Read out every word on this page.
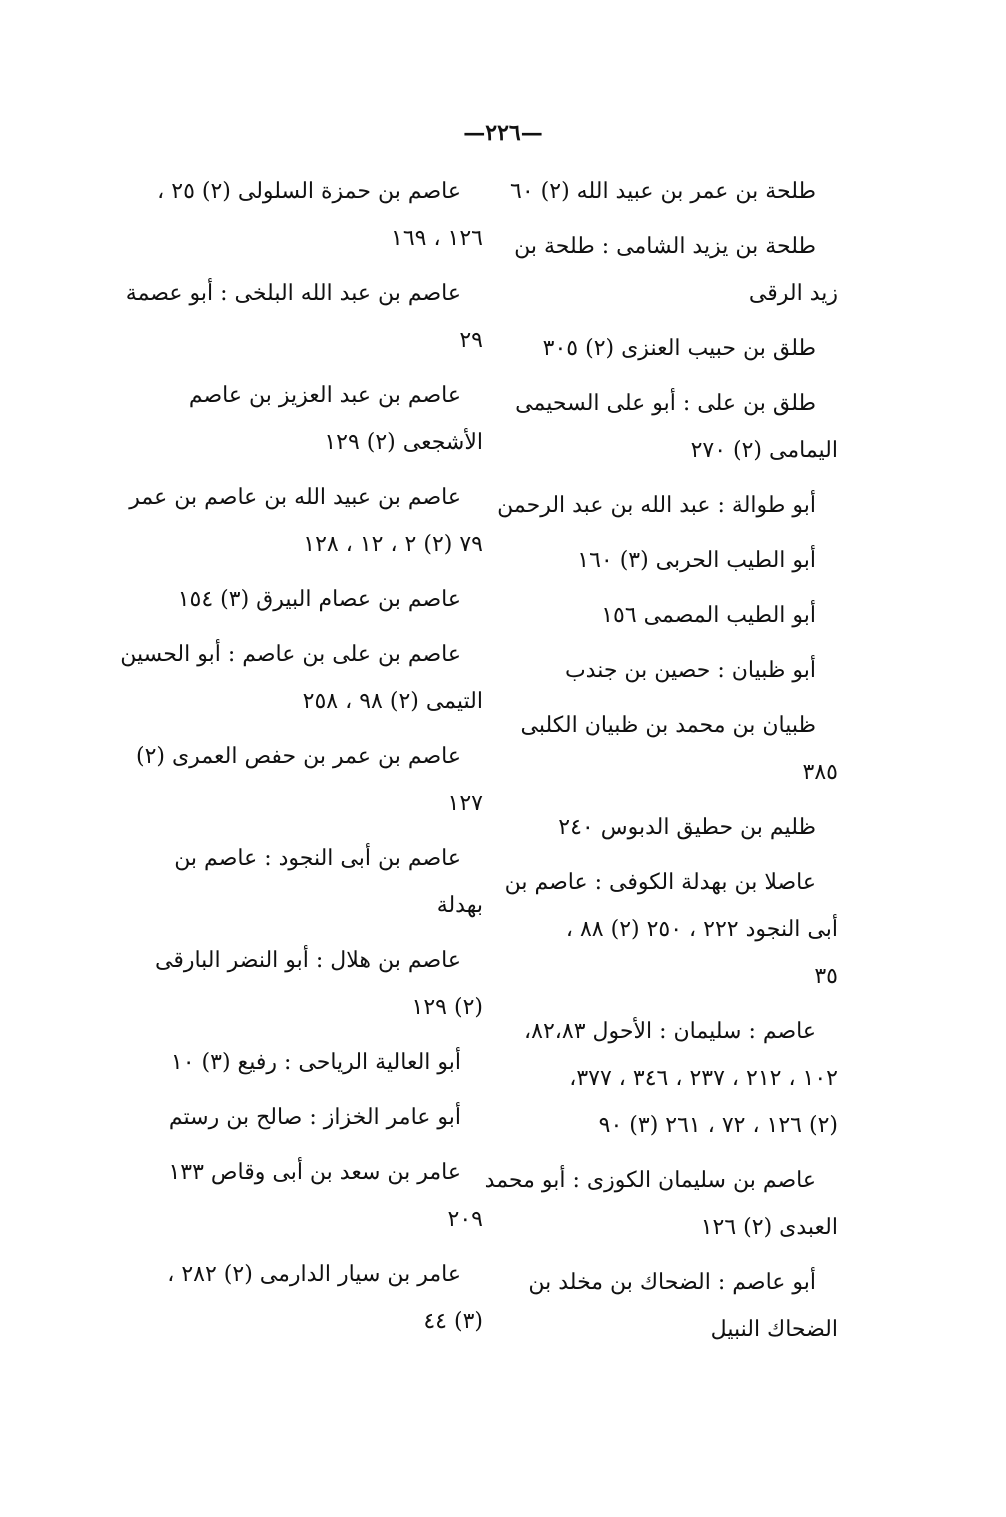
—٢٢٦—
طلحة بن عمر بن عبيد الله (٢) ٦٠
طلحة بن يزيد الشامى : طلحة بن
زيد الرقى
طلق بن حبيب العنزى (٢) ٣٠٥
طلق بن على : أبو على السحيمى
اليمامى (٢) ٢٧٠
أبو طوالة : عبد الله بن عبد الرحمن
أبو الطيب الحربى (٣) ١٦٠
أبو الطيب المصمى ١٥٦
أبو ظبيان : حصين بن جندب
ظبيان بن محمد بن ظبيان الكلبى
٣٨٥
ظليم بن حطيق الدبوس ٢٤٠
عاصلا بن بهدلة الكوفى : عاصم بن
أبى النجود ٢٢٢ ، ٢٥٠ (٢) ٨٨ ،
٣٥
عاصم : سليمان : الأحول ٨٢،٨٣،
١٠٢ ، ٢١٢ ، ٢٣٧ ، ٣٤٦ ، ٣٧٧،
(٢) ١٢٦ ، ٧٢ ، ٢٦١ (٣) ٩٠
عاصم بن سليمان الكوزى : أبو محمد
العبدى (٢) ١٢٦
أبو عاصم : الضحاك بن مخلد بن
الضحاك النبيل
عاصم بن حمزة السلولى (٢) ٢٥ ،
١٢٦ ، ١٦٩
عاصم بن عبد الله البلخى : أبو عصمة
٢٩
عاصم بن عبد العزيز بن عاصم
الأشجعى (٢) ١٢٩
عاصم بن عبيد الله بن عاصم بن عمر
٧٩ (٢) ٢ ، ١٢ ، ١٢٨
عاصم بن عصام البيرق (٣) ١٥٤
عاصم بن على بن عاصم : أبو الحسين
التيمى (٢) ٩٨ ، ٢٥٨
عاصم بن عمر بن حفص العمرى (٢)
١٢٧
عاصم بن أبى النجود : عاصم بن
بهدلة
عاصم بن هلال : أبو النضر البارقى
(٢) ١٢٩
أبو العالية الرياحى : رفيع (٣) ١٠
أبو عامر الخزاز : صالح بن رستم
عامر بن سعد بن أبى وقاص ١٣٣
٢٠٩
عامر بن سيار الدارمى (٢) ٢٨٢ ،
(٣) ٤٤
